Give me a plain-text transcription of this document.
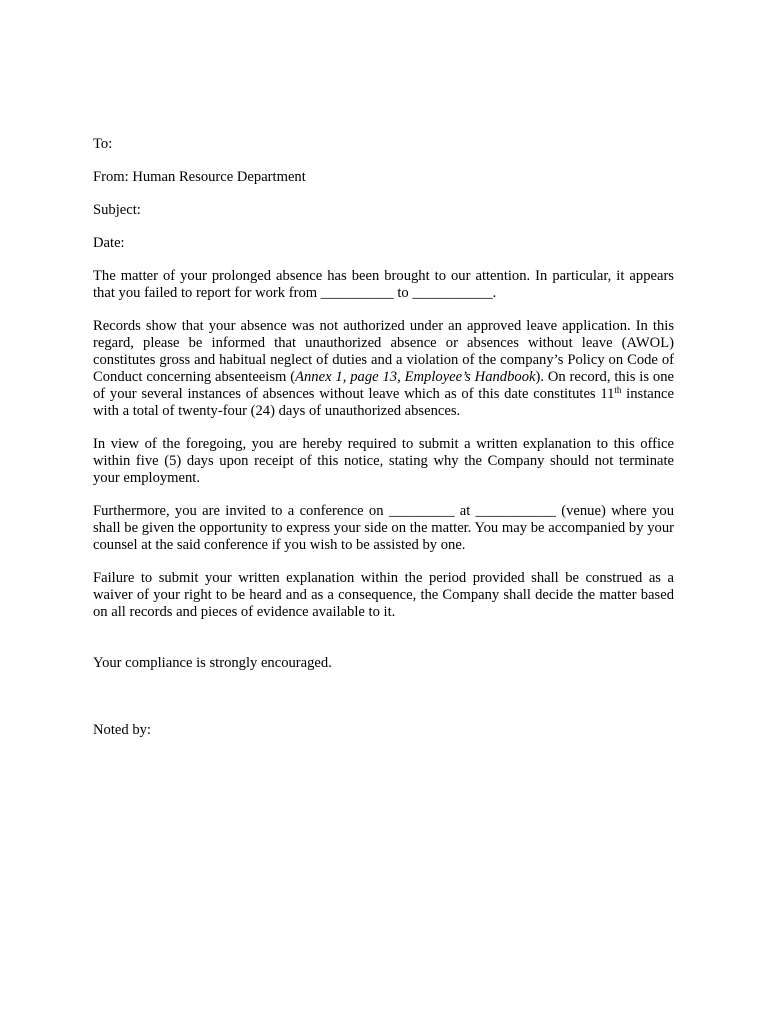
To:

From: Human Resource Department

Subject:

Date:

The matter of your prolonged absence has been brought to our attention. In particular, it appears that you failed to report for work from __________ to ___________.

Records show that your absence was not authorized under an approved leave application. In this regard, please be informed that unauthorized absence or absences without leave (AWOL) constitutes gross and habitual neglect of duties and a violation of the company’s Policy on Code of Conduct concerning absenteeism (Annex 1, page 13, Employee’s Handbook). On record, this is one of your several instances of absences without leave which as of this date constitutes 11th instance with a total of twenty-four (24) days of unauthorized absences.

In view of the foregoing, you are hereby required to submit a written explanation to this office within five (5) days upon receipt of this notice, stating why the Company should not terminate your employment.

Furthermore, you are invited to a conference on _________ at ___________ (venue) where you shall be given the opportunity to express your side on the matter. You may be accompanied by your counsel at the said conference if you wish to be assisted by one.

Failure to submit your written explanation within the period provided shall be construed as a waiver of your right to be heard and as a consequence, the Company shall decide the matter based on all records and pieces of evidence available to it.

Your compliance is strongly encouraged.

Noted by:
